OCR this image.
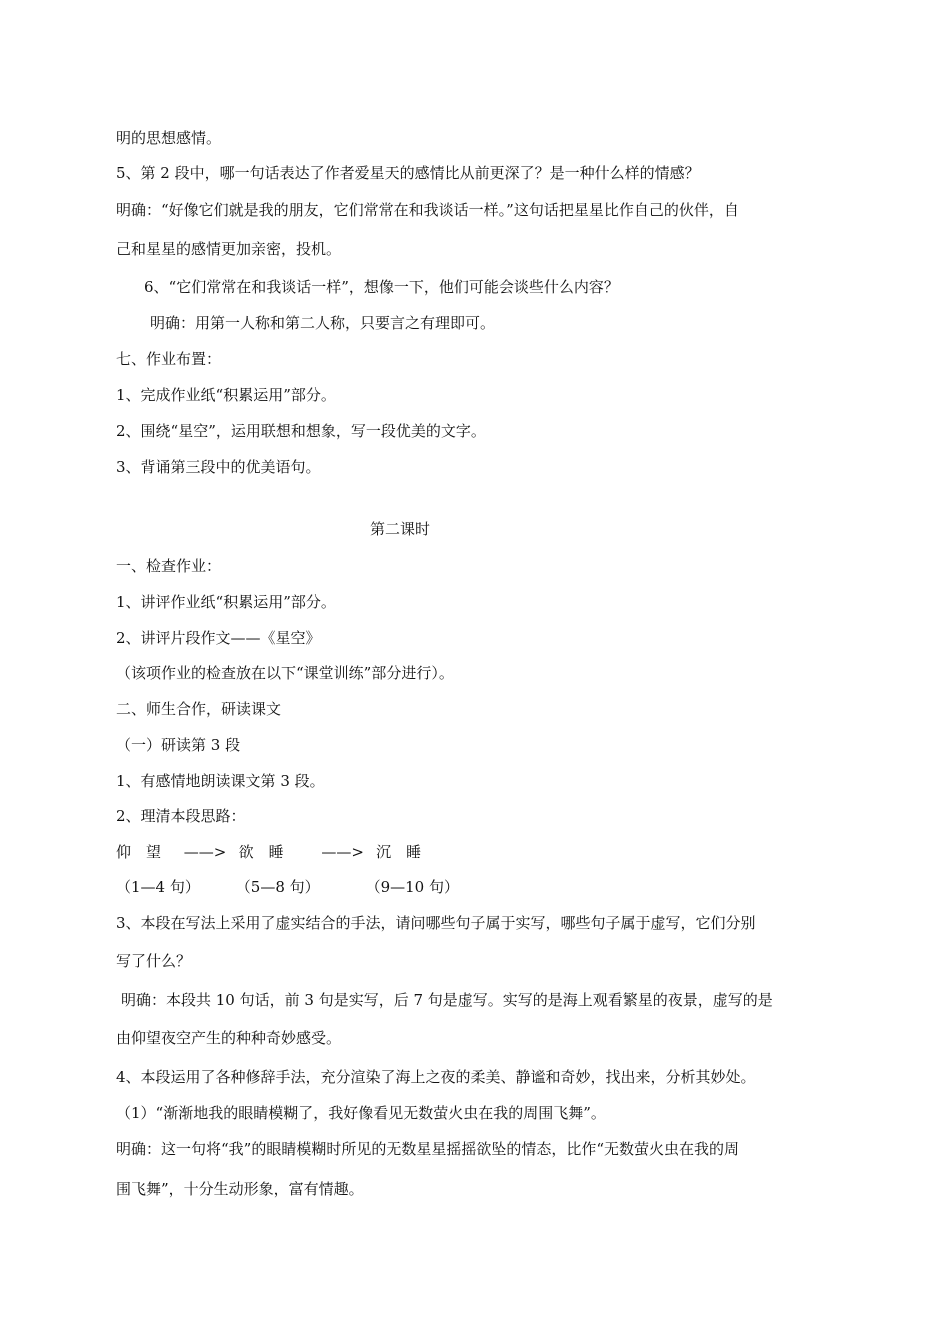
明的思想感情。
5、第 2 段中，哪一句话表达了作者爱星天的感情比从前更深了？是一种什么样的情感？
明确：“好像它们就是我的朋友，它们常常在和我谈话一样。”这句话把星星比作自己的伙伴，自
己和星星的感情更加亲密，投机。
6、“它们常常在和我谈话一样”，想像一下，他们可能会谈些什么内容？
明确：用第一人称和第二人称，只要言之有理即可。
七、作业布置：
1、完成作业纸“积累运用”部分。
2、围绕“星空”，运用联想和想象，写一段优美的文字。
3、背诵第三段中的优美语句。
第二课时
一、检查作业：
1、讲评作业纸“积累运用”部分。
2、讲评片段作文——《星空》
（该项作业的检查放在以下“课堂训练”部分进行）。
二、师生合作，研读课文
（一）研读第 3 段
1、有感情地朗读课文第 3 段。
2、理清本段思路：
仰　望 ——> 欲　睡	——> 沉　睡
（1—4 句） （5—8 句）	（9—10 句）
3、本段在写法上采用了虚实结合的手法，请问哪些句子属于实写，哪些句子属于虚写，它们分别
写了什么？
明确：本段共 10 句话，前 3 句是实写，后 7 句是虚写。实写的是海上观看繁星的夜景，虚写的是
由仰望夜空产生的种种奇妙感受。
4、本段运用了各种修辞手法，充分渲染了海上之夜的柔美、静谧和奇妙，找出来，分析其妙处。
（1）“渐渐地我的眼睛模糊了，我好像看见无数萤火虫在我的周围飞舞”。
明确：这一句将“我”的眼睛模糊时所见的无数星星摇摇欲坠的情态，比作“无数萤火虫在我的周
围飞舞”，十分生动形象，富有情趣。
